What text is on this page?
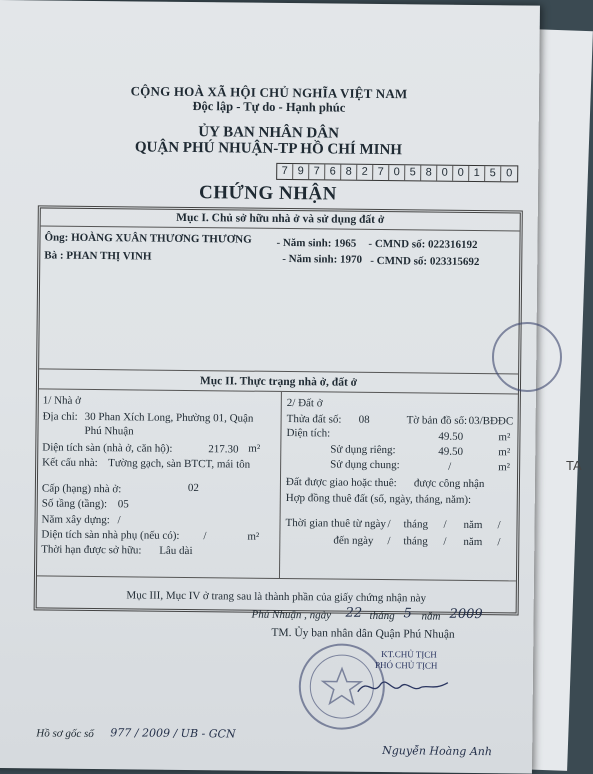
TA
CỘNG HOÀ XÃ HỘI CHỦ NGHĨA VIỆT NAM
Độc lập - Tự do - Hạnh phúc
ỦY BAN NHÂN DÂN
QUẬN PHÚ NHUẬN-TP HỒ CHÍ MINH
7 9 7 6 8 2 7 0 5 8 0 0 1 5 0
CHỨNG NHẬN
Mục I. Chủ sở hữu nhà ở và sử dụng đất ở
Ông: HOÀNG XUÂN THƯƠNG THƯƠNG - Năm sinh: 1965 - CMND số: 022316192
Bà : PHAN THỊ VINH	- Năm sinh: 1970 - CMND số: 023315692
Mục II. Thực trạng nhà ở, đất ở
1/ Nhà ở
Địa chỉ: 30 Phan Xích Long, Phường 01, Quận
Phú Nhuận
Diện tích sàn (nhà ở, căn hộ):	217.30 m²
Kết cấu nhà: Tường gạch, sàn BTCT, mái tôn
Cấp (hạng) nhà ở:	02
Số tầng (tầng): 05
Năm xây dựng: /
Diện tích sàn nhà phụ (nếu có): /	m²
Thời hạn được sở hữu: Lâu dài
2/ Đất ở
Thửa đất số: 08	Tờ bản đồ số: 03/BĐĐC
Diện tích:	49.50	m²
Sử dụng riêng:	49.50	m²
Sử dụng chung:	/	m²
Đất được giao hoặc thuê: được công nhận
Hợp đồng thuê đất (số, ngày, tháng, năm):
Thời gian thuê từ ngày / tháng / năm /
đến ngày / tháng / năm /
Mục III, Mục IV ở trang sau là thành phần của giấy chứng nhận này
Phú Nhuận , ngày 22 tháng 5 năm 2009
TM. Ủy ban nhân dân Quận Phú Nhuận
KT.CHỦ TỊCH
PHÓ CHỦ TỊCH
Nguyễn Hoàng Anh
Hồ sơ gốc số 977 / 2009 / UB - GCN
